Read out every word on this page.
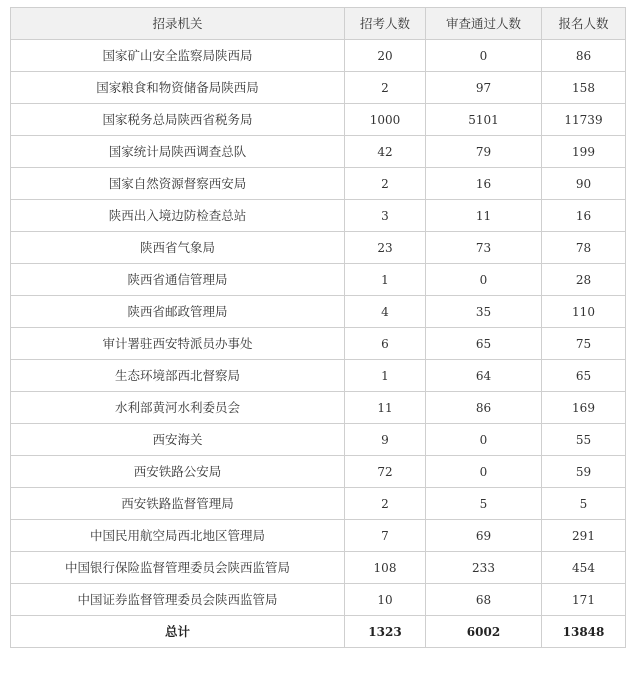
招录机关	招考人数	审查通过人数	报名人数
国家矿山安全监察局陕西局	20	0	86
国家粮食和物资储备局陕西局	2	97	158
国家税务总局陕西省税务局	1000	5101	11739
国家统计局陕西调查总队	42	79	199
国家自然资源督察西安局	2	16	90
陕西出入境边防检查总站	3	11	16
陕西省气象局	23	73	78
陕西省通信管理局	1	0	28
陕西省邮政管理局	4	35	110
审计署驻西安特派员办事处	6	65	75
生态环境部西北督察局	1	64	65
水利部黄河水利委员会	11	86	169
西安海关	9	0	55
西安铁路公安局	72	0	59
西安铁路监督管理局	2	5	5
中国民用航空局西北地区管理局	7	69	291
中国银行保险监督管理委员会陕西监管局	108	233	454
中国证券监督管理委员会陕西监管局	10	68	171
总计	1323	6002	13848
